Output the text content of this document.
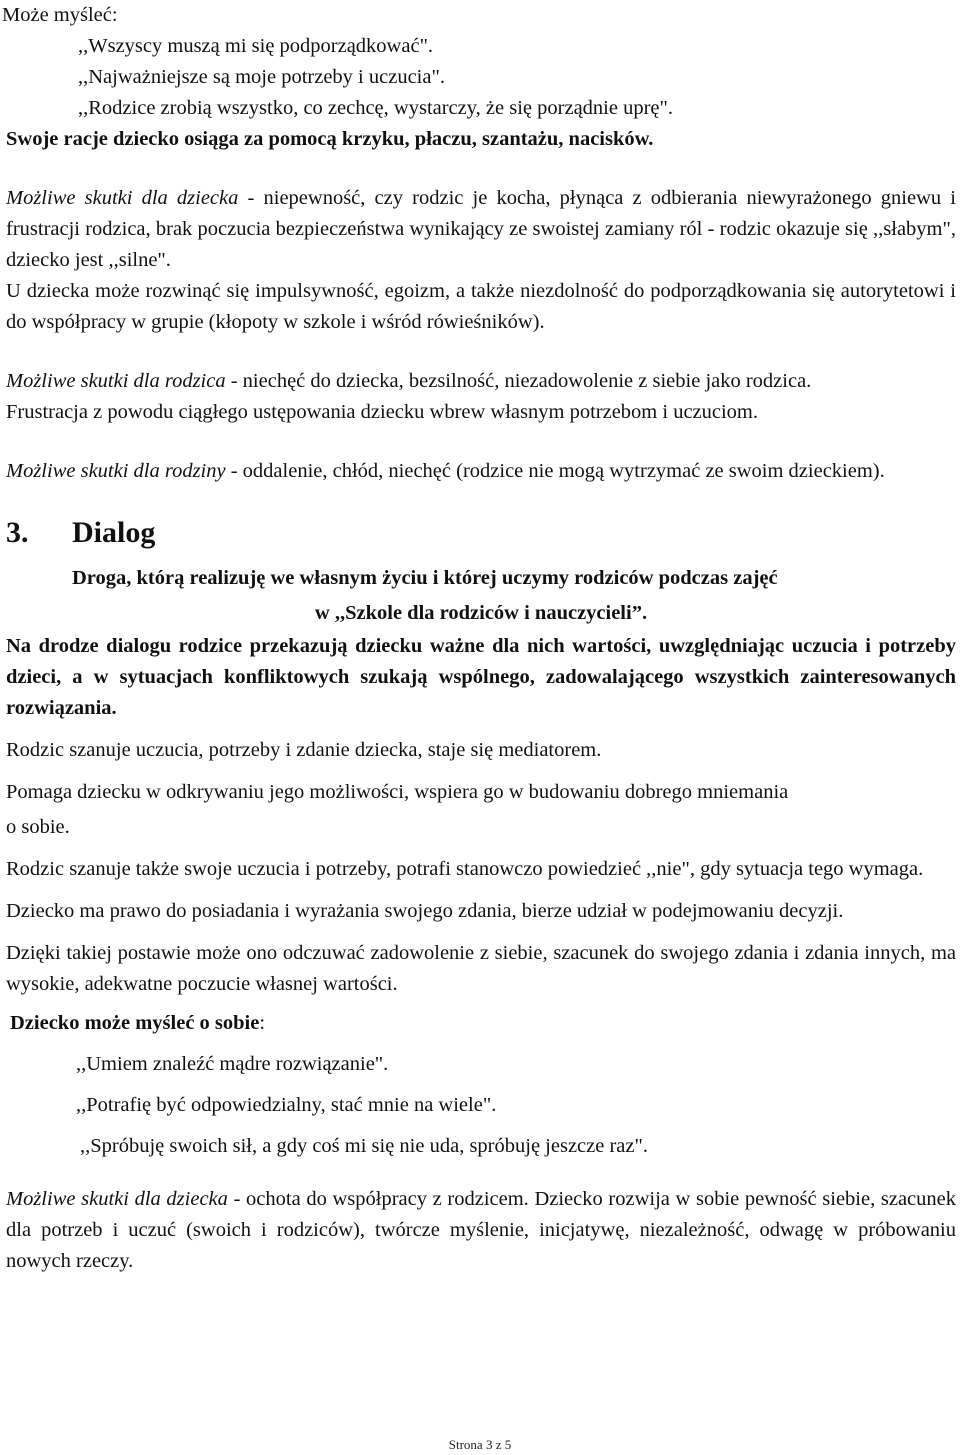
Może myśleć:

,,Wszyscy muszą mi się podporządkować".

,,Najważniejsze są moje potrzeby i uczucia".

,,Rodzice zrobią wszystko, co zechcę, wystarczy, że się porządnie uprę".

Swoje racje dziecko osiąga za pomocą krzyku, płaczu, szantażu, nacisków.

Możliwe skutki dla dziecka - niepewność, czy rodzic je kocha, płynąca z odbierania niewyrażonego gniewu i frustracji rodzica, brak poczucia bezpieczeństwa wynikający ze swoistej zamiany ról - rodzic okazuje się ,,słabym", dziecko jest ,,silne".

U dziecka może rozwinąć się impulsywność, egoizm, a także niezdolność do podporządkowania się autorytetowi i do współpracy w grupie (kłopoty w szkole i wśród rówieśników).

Możliwe skutki dla rodzica - niechęć do dziecka, bezsilność, niezadowolenie z siebie jako rodzica.

Frustracja z powodu ciągłego ustępowania dziecku wbrew własnym potrzebom i uczuciom.

Możliwe skutki dla rodziny - oddalenie, chłód, niechęć (rodzice nie mogą wytrzymać ze swoim dzieckiem).

3. Dialog

Droga, którą realizuję we własnym życiu i której uczymy rodziców podczas zajęć

w ,,Szkole dla rodziców i nauczycieli”.

Na drodze dialogu rodzice przekazują dziecku ważne dla nich wartości, uwzględniając uczucia i potrzeby dzieci, a w sytuacjach konfliktowych szukają wspólnego, zadowalającego wszystkich zainteresowanych rozwiązania.

Rodzic szanuje uczucia, potrzeby i zdanie dziecka, staje się mediatorem.

Pomaga dziecku w odkrywaniu jego możliwości, wspiera go w budowaniu dobrego mniemania

o sobie.

Rodzic szanuje także swoje uczucia i potrzeby, potrafi stanowczo powiedzieć ,,nie", gdy sytuacja tego wymaga.

Dziecko ma prawo do posiadania i wyrażania swojego zdania, bierze udział w podejmowaniu decyzji.

Dzięki takiej postawie może ono odczuwać zadowolenie z siebie, szacunek do swojego zdania i zdania innych, ma wysokie, adekwatne poczucie własnej wartości.

Dziecko może myśleć o sobie:

,,Umiem znaleźć mądre rozwiązanie".

,,Potrafię być odpowiedzialny, stać mnie na wiele".

,,Spróbuję swoich sił, a gdy coś mi się nie uda, spróbuję jeszcze raz".

Możliwe skutki dla dziecka - ochota do współpracy z rodzicem. Dziecko rozwija w sobie pewność siebie, szacunek dla potrzeb i uczuć (swoich i rodziców), twórcze myślenie, inicjatywę, niezależność, odwagę w próbowaniu nowych rzeczy.

Strona 3 z 5
